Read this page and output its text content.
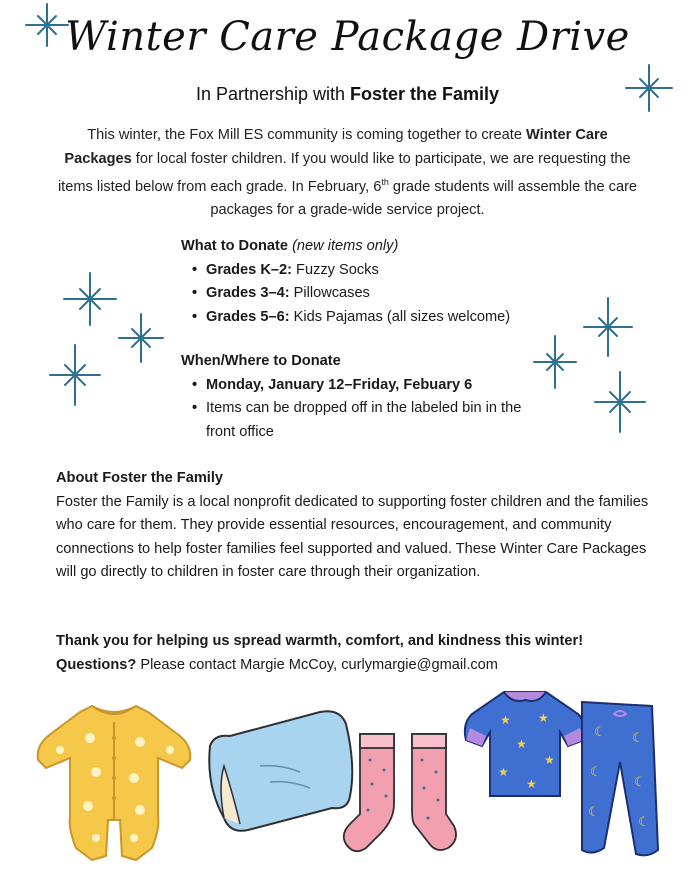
Winter Care Package Drive
In Partnership with Foster the Family
This winter, the Fox Mill ES community is coming together to create Winter Care Packages for local foster children. If you would like to participate, we are requesting the items listed below from each grade. In February, 6th grade students will assemble the care packages for a grade-wide service project.
What to Donate (new items only)
• Grades K–2: Fuzzy Socks
• Grades 3–4: Pillowcases
• Grades 5–6: Kids Pajamas (all sizes welcome)
When/Where to Donate
• Monday, January 12–Friday, Febuary 6
• Items can be dropped off in the labeled bin in the front office
About Foster the Family
Foster the Family is a local nonprofit dedicated to supporting foster children and the families who care for them. They provide essential resources, encouragement, and community connections to help foster families feel supported and valued. These Winter Care Packages will go directly to children in foster care through their organization.
Thank you for helping us spread warmth, comfort, and kindness this winter!
Questions? Please contact Margie McCoy, curlymargie@gmail.com
★ ★
★
★
★
★
☾ ☾
☾
☾
☾
☾
